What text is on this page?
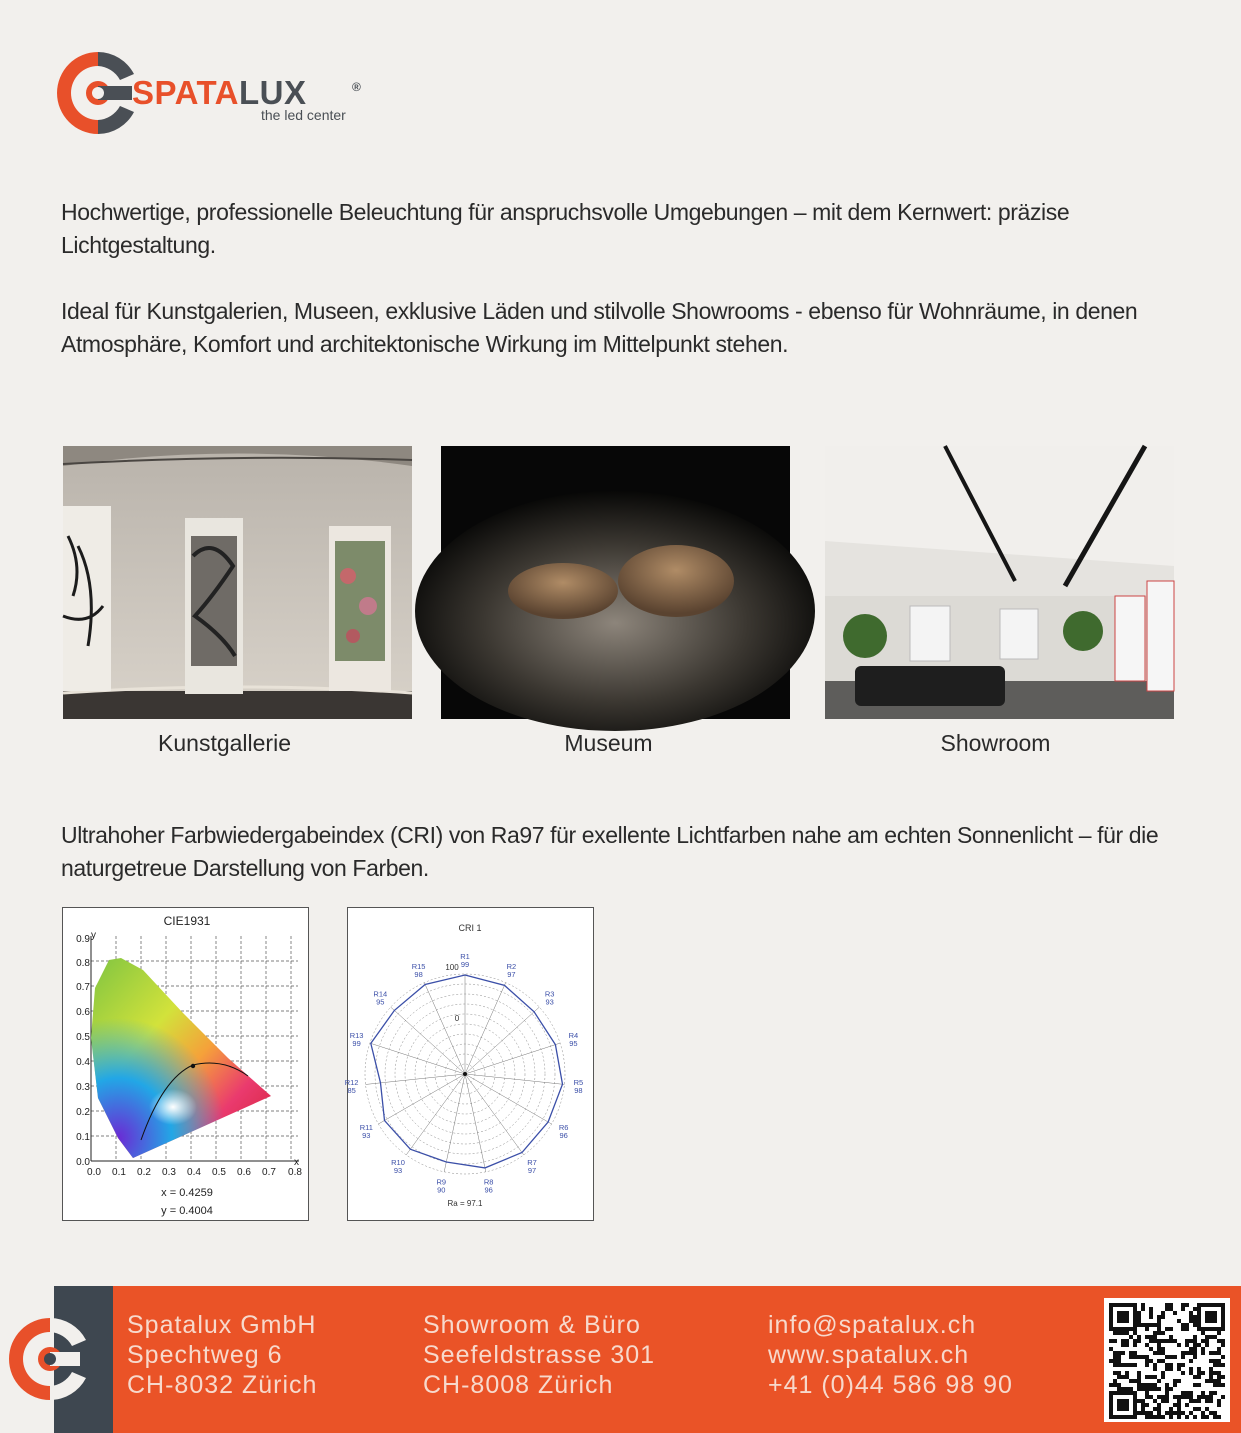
SPATALUX	®
the led center

Hochwertige, professionelle Beleuchtung für anspruchsvolle Umgebungen – mit dem Kernwert: präzise Lichtgestaltung.

Ideal für Kunstgalerien, Museen, exklusive Läden und stilvolle Showrooms - ebenso für Wohnräume, in denen Atmosphäre, Komfort und architektonische Wirkung im Mittelpunkt stehen.

Kunstgallerie	Museum	Showroom

Ultrahoher Farbwiedergabeindex (CRI) von Ra97 für exellente Lichtfarben nahe am echten Sonnenlicht – für die naturgetreue Darstellung von Farben.

CIE1931
0.9
0.8
0.7
0.6
0.5
0.4
0.3
0.2
0.1
0.0
y
0.0 0.1 0.2 0.3 0.4 0.5 0.6 0.7 0.8
x
x = 0.4259
y = 0.4004
CRI 1
R1
99	R2
97
R3
93
R4
95
R5
98
R6
96
R7
97
R8
96
R9
90
R10
93
R11
93
R12
85
R13
99
R14
95
R15
98
100
0
Ra = 97.1
Spatalux GmbH
Spechtweg 6
CH-8032 Zürich
Showroom & Büro
Seefeldstrasse 301
CH-8008 Zürich
info@spatalux.ch
www.spatalux.ch
+41 (0)44 586 98 90
